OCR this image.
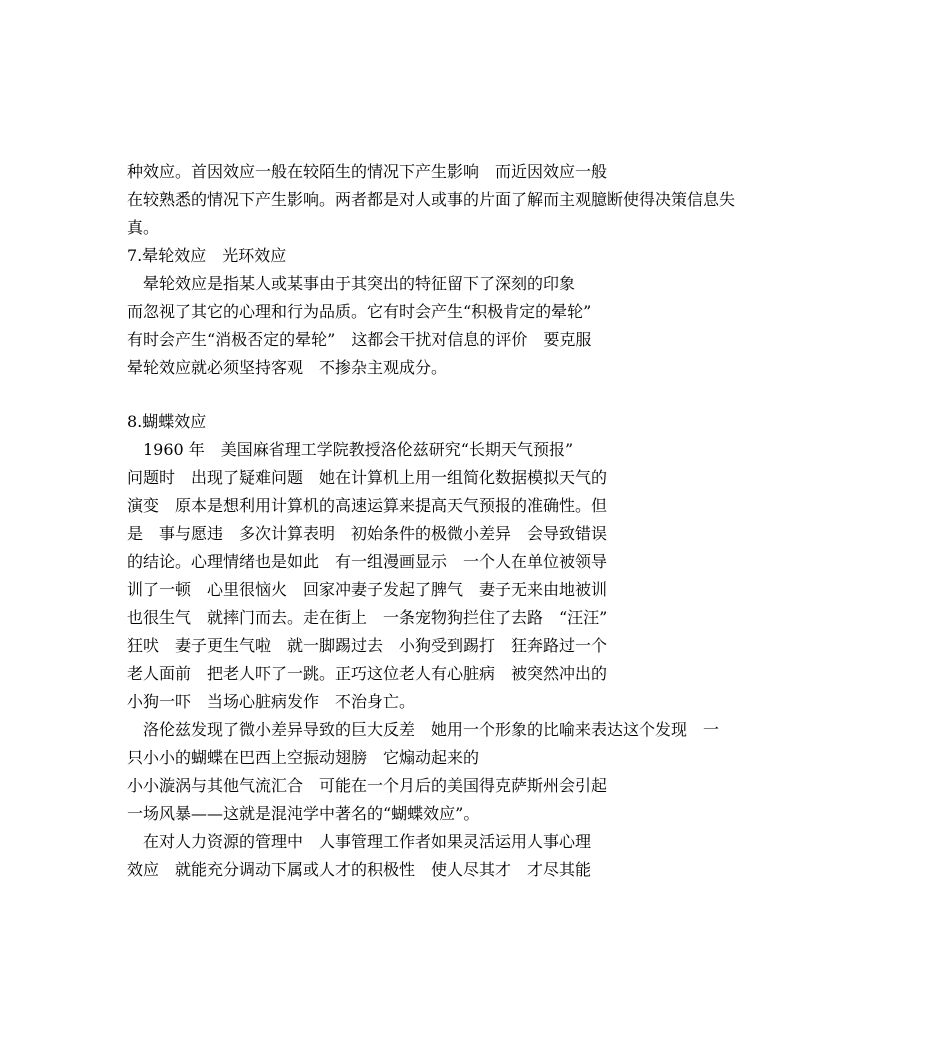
种效应。首因效应一般在较陌生的情况下产生影响　而近因效应一般
在较熟悉的情况下产生影响。两者都是对人或事的片面了解而主观臆断使得决策信息失
真。
7.晕轮效应　光环效应
　晕轮效应是指某人或某事由于其突出的特征留下了深刻的印象
而忽视了其它的心理和行为品质。它有时会产生“积极肯定的晕轮”
有时会产生“消极否定的晕轮”　这都会干扰对信息的评价　要克服
晕轮效应就必须坚持客观　不掺杂主观成分。
8.蝴蝶效应
　1960 年　美国麻省理工学院教授洛伦兹研究“长期天气预报”
问题时　出现了疑难问题　她在计算机上用一组简化数据模拟天气的
演变　原本是想利用计算机的高速运算来提高天气预报的准确性。但
是　事与愿违　多次计算表明　初始条件的极微小差异　会导致错误
的结论。心理情绪也是如此　有一组漫画显示　一个人在单位被领导
训了一顿　心里很恼火　回家冲妻子发起了脾气　妻子无来由地被训
也很生气　就摔门而去。走在街上　一条宠物狗拦住了去路　“汪汪”
狂吠　妻子更生气啦　就一脚踢过去　小狗受到踢打　狂奔路过一个
老人面前　把老人吓了一跳。正巧这位老人有心脏病　被突然冲出的
小狗一吓　当场心脏病发作　不治身亡。
　洛伦兹发现了微小差异导致的巨大反差　她用一个形象的比喻来表达这个发现　一
只小小的蝴蝶在巴西上空振动翅膀　它煽动起来的
小小漩涡与其他气流汇合　可能在一个月后的美国得克萨斯州会引起
一场风暴——这就是混沌学中著名的“蝴蝶效应”。
　在对人力资源的管理中　人事管理工作者如果灵活运用人事心理
效应　就能充分调动下属或人才的积极性　使人尽其才　才尽其能
